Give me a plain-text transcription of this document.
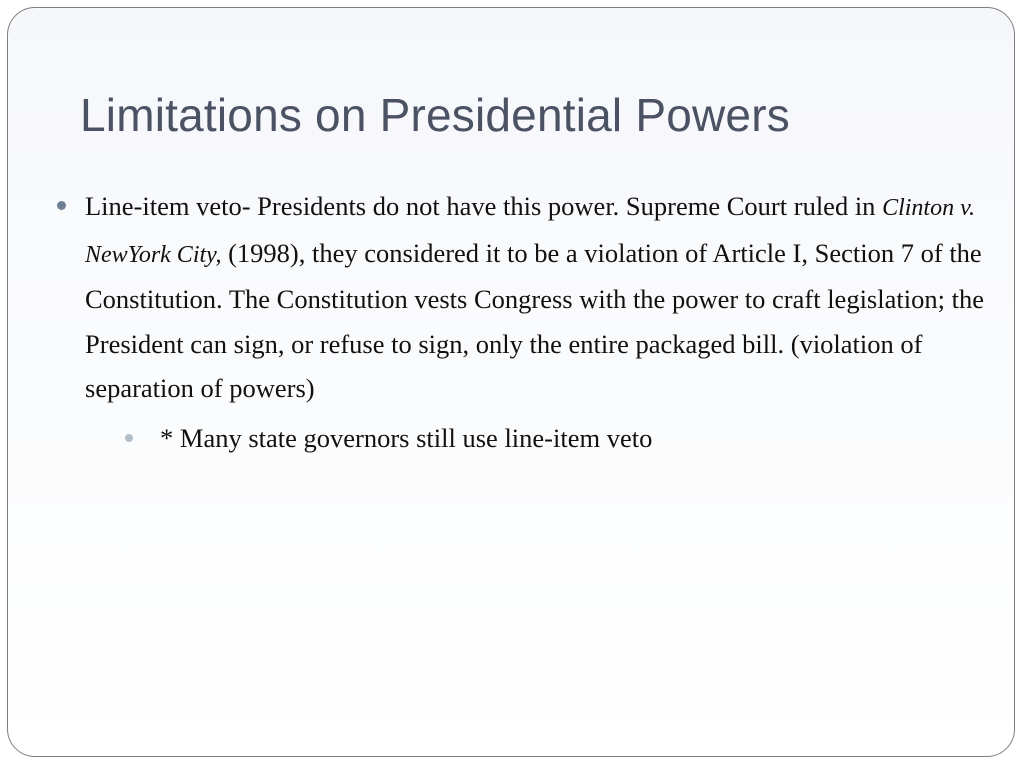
Limitations on Presidential Powers
Line-item veto- Presidents do not have this power. Supreme Court ruled in Clinton v. NewYork City, (1998), they considered it to be a violation of Article I, Section 7 of the Constitution. The Constitution vests Congress with the power to craft legislation; the President can sign, or refuse to sign, only the entire packaged bill. (violation of separation of powers)
* Many state governors still use line-item veto
